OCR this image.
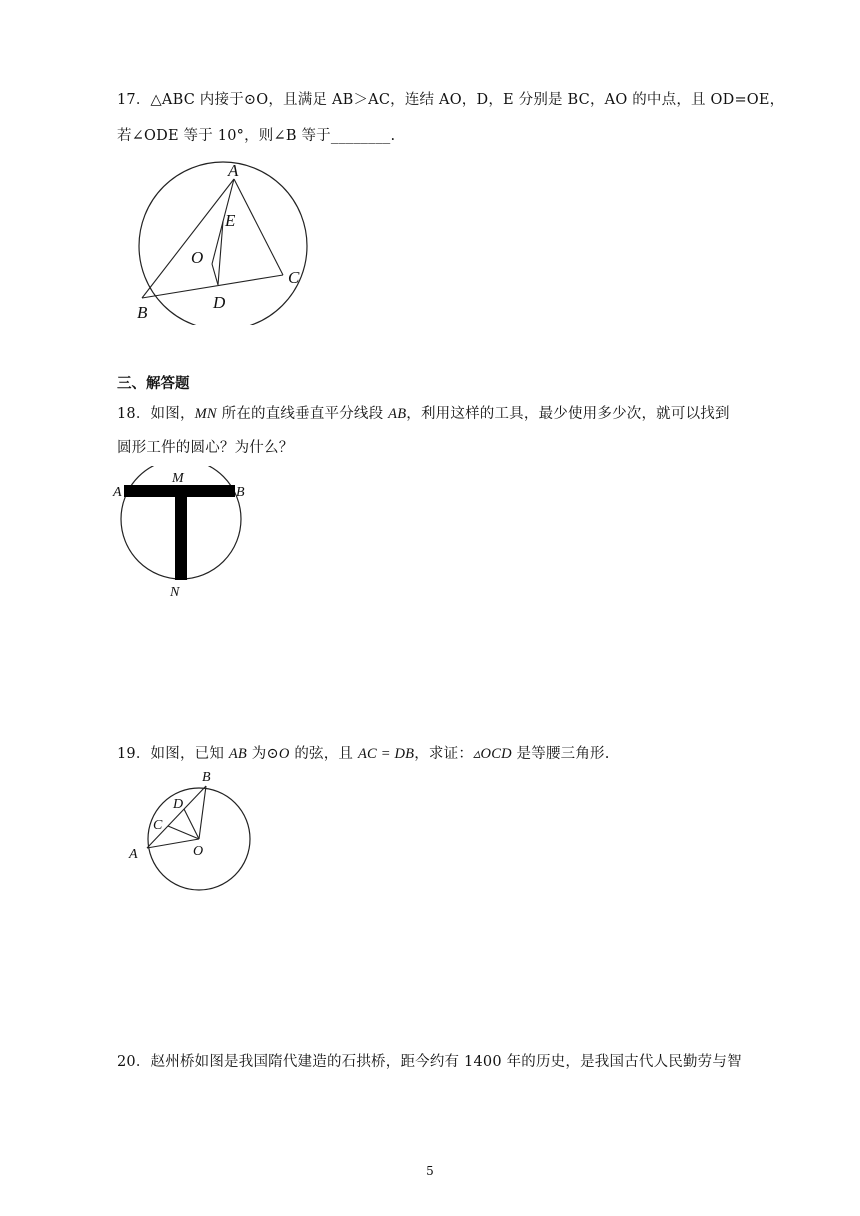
17．△ABC 内接于⊙O，且满足 AB＞AC，连结 AO，D，E 分别是 BC，AO 的中点，且 OD=OE，
若∠ODE 等于 10°，则∠B 等于________.
A
E
O
C
B
D
三、解答题
18．如图，MN 所在的直线垂直平分线段 AB，利用这样的工具，最少使用多少次，就可以找到
圆形工件的圆心？为什么？
A
M
B
N
19．如图，已知 AB 为⊙O 的弦，且 AC = DB，求证：▵OCD 是等腰三角形.
B
D
C
A	O
20．赵州桥如图是我国隋代建造的石拱桥，距今约有 1400 年的历史，是我国古代人民勤劳与智
5
